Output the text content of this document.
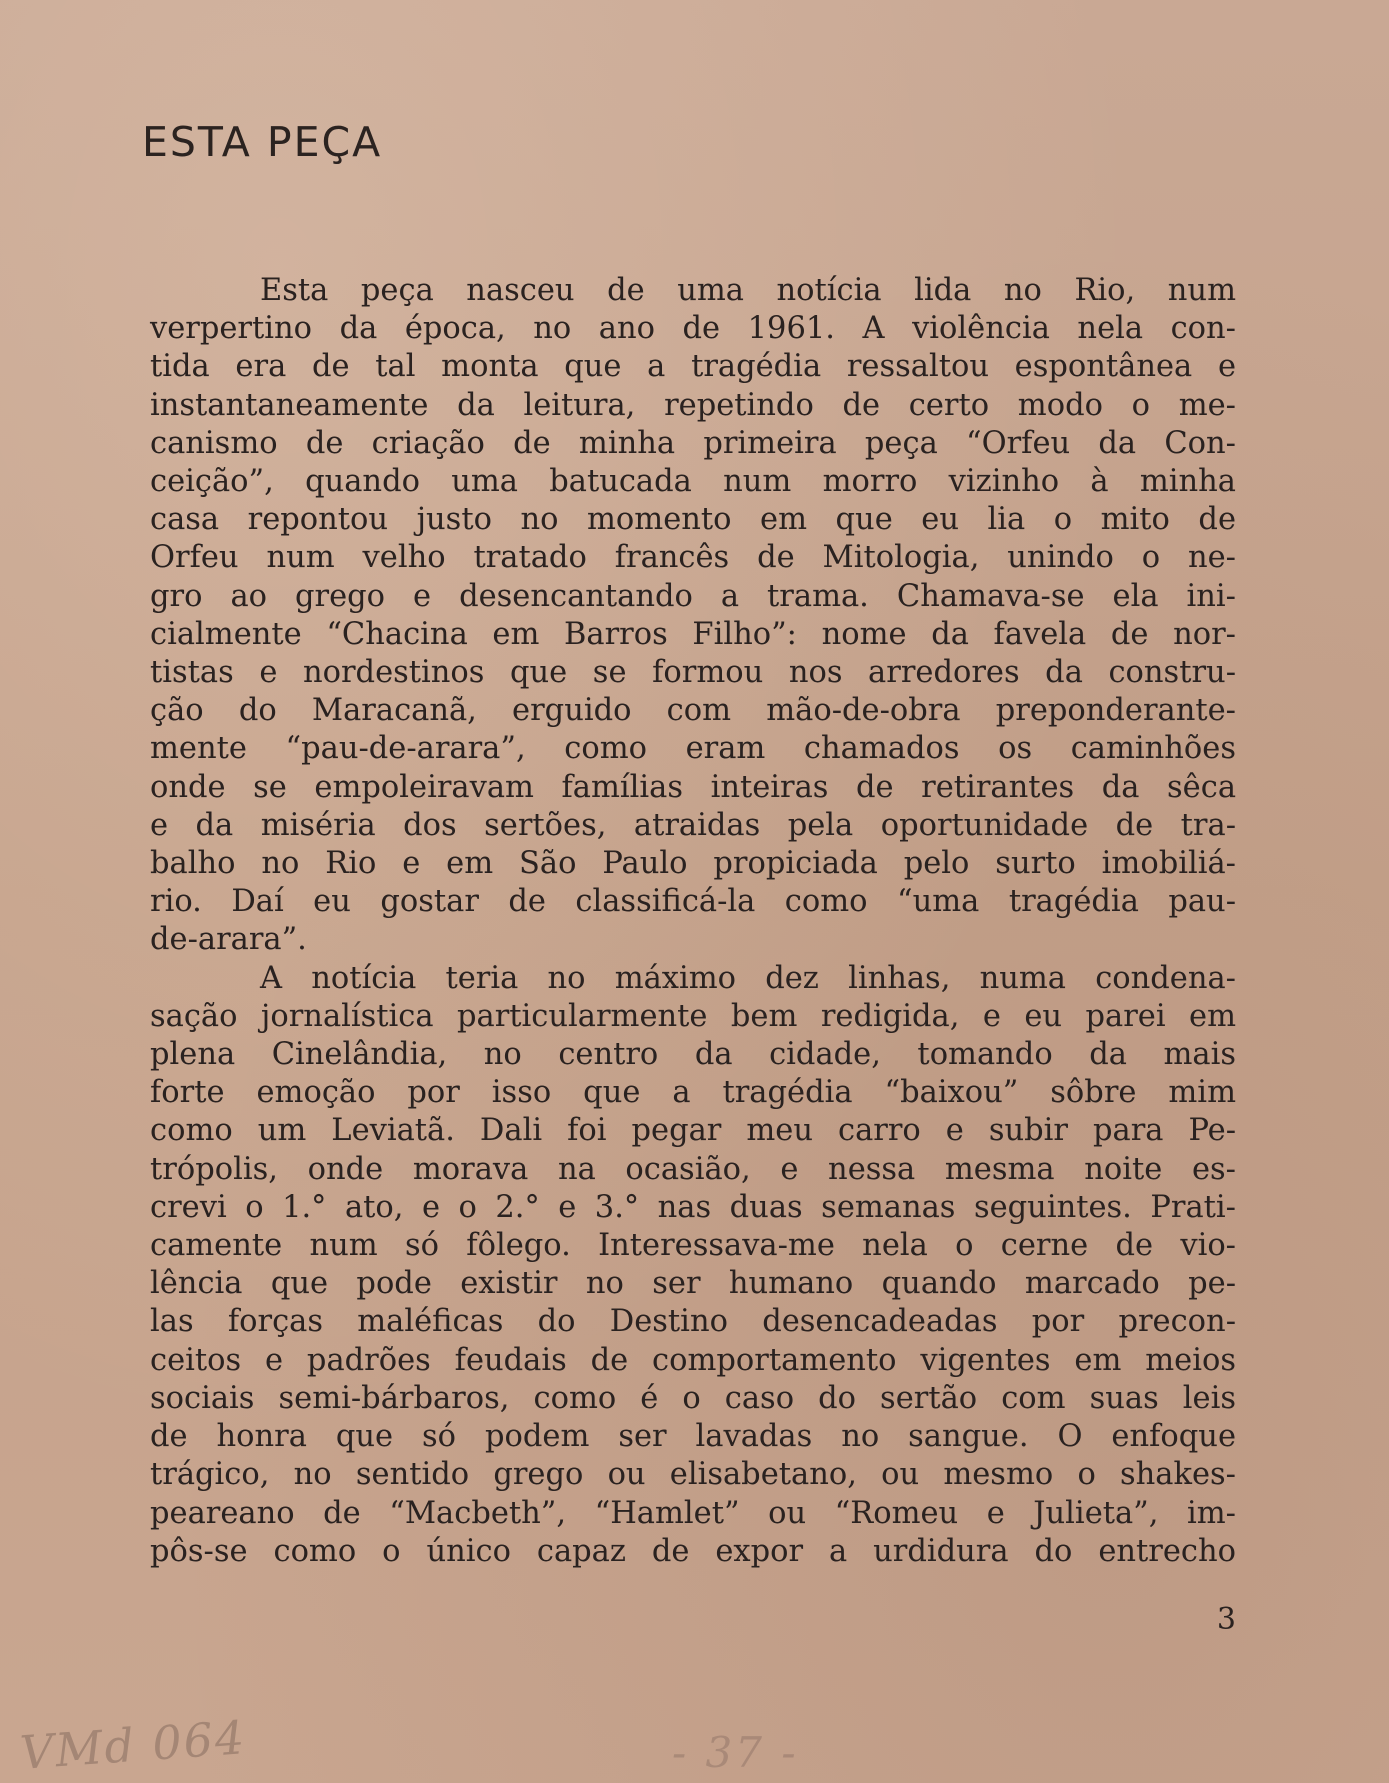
ESTA PEÇA
Esta peça nasceu de uma notícia lida no Rio, num
verpertino da época, no ano de 1961. A violência nela con-
tida era de tal monta que a tragédia ressaltou espontânea e
instantaneamente da leitura, repetindo de certo modo o me-
canismo de criação de minha primeira peça “Orfeu da Con-
ceição”, quando uma batucada num morro vizinho à minha
casa repontou justo no momento em que eu lia o mito de
Orfeu num velho tratado francês de Mitologia, unindo o ne-
gro ao grego e desencantando a trama. Chamava-se ela ini-
cialmente “Chacina em Barros Filho”: nome da favela de nor-
tistas e nordestinos que se formou nos arredores da constru-
ção do Maracanã, erguido com mão-de-obra preponderante-
mente “pau-de-arara”, como eram chamados os caminhões
onde se empoleiravam famílias inteiras de retirantes da sêca
e da miséria dos sertões, atraidas pela oportunidade de tra-
balho no Rio e em São Paulo propiciada pelo surto imobiliá-
rio. Daí eu gostar de classificá-la como “uma tragédia pau-
de-arara”.
A notícia teria no máximo dez linhas, numa condena-
sação jornalística particularmente bem redigida, e eu parei em
plena Cinelândia, no centro da cidade, tomando da mais
forte emoção por isso que a tragédia “baixou” sôbre mim
como um Leviatã. Dali foi pegar meu carro e subir para Pe-
trópolis, onde morava na ocasião, e nessa mesma noite es-
crevi o 1.° ato, e o 2.° e 3.° nas duas semanas seguintes. Prati-
camente num só fôlego. Interessava-me nela o cerne de vio-
lência que pode existir no ser humano quando marcado pe-
las forças maléficas do Destino desencadeadas por precon-
ceitos e padrões feudais de comportamento vigentes em meios
sociais semi-bárbaros, como é o caso do sertão com suas leis
de honra que só podem ser lavadas no sangue. O enfoque
trágico, no sentido grego ou elisabetano, ou mesmo o shakes-
peareano de “Macbeth”, “Hamlet” ou “Romeu e Julieta”, im-
pôs-se como o único capaz de expor a urdidura do entrecho
3
VMd 064	- 37 -
